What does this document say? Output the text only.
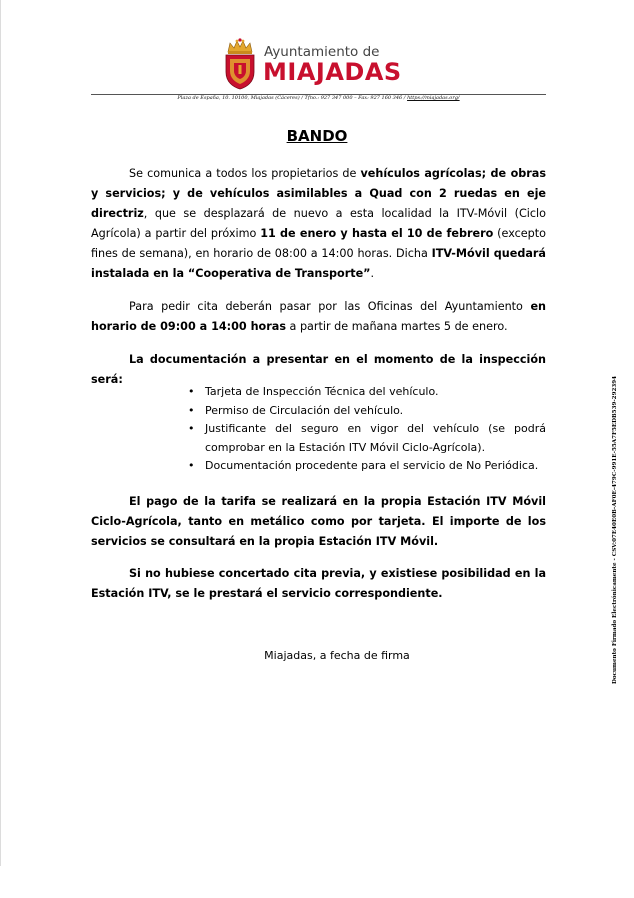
Ayuntamiento de
MIAJADAS
Plaza de España, 10. 10100, Miajadas (Cáceres) / Tfno.: 927 347 000 – Fax: 927 160 346 / https://miajadas.org/
BANDO

Se comunica a todos los propietarios de vehículos agrícolas; de obras y servicios; y de vehículos asimilables a Quad con 2 ruedas en eje directriz, que se desplazará de nuevo a esta localidad la ITV-Móvil (Ciclo Agrícola) a partir del próximo 11 de enero y hasta el 10 de febrero (excepto fines de semana), en horario de 08:00 a 14:00 horas. Dicha ITV-Móvil quedará instalada en la “Cooperativa de Transporte”.

Para pedir cita deberán pasar por las Oficinas del Ayuntamiento en horario de 09:00 a 14:00 horas a partir de mañana martes 5 de enero.

La documentación a presentar en el momento de la inspección será:

• Tarjeta de Inspección Técnica del vehículo.
• Permiso de Circulación del vehículo.
• Justificante del seguro en vigor del vehículo (se podrá comprobar en la Estación ITV Móvil Ciclo-Agrícola).
• Documentación procedente para el servicio de No Periódica.

El pago de la tarifa se realizará en la propia Estación ITV Móvil Ciclo-Agrícola, tanto en metálico como por tarjeta. El importe de los servicios se consultará en la propia Estación ITV Móvil.

Si no hubiese concertado cita previa, y existiese posibilidad en la Estación ITV, se le prestará el servicio correspondiente.

Miajadas, a fecha de firma	Documento Firmado Electrónicamente - CSV:07E40E0B-AF0E-479C-991E-55A7F5EDB539-292394
